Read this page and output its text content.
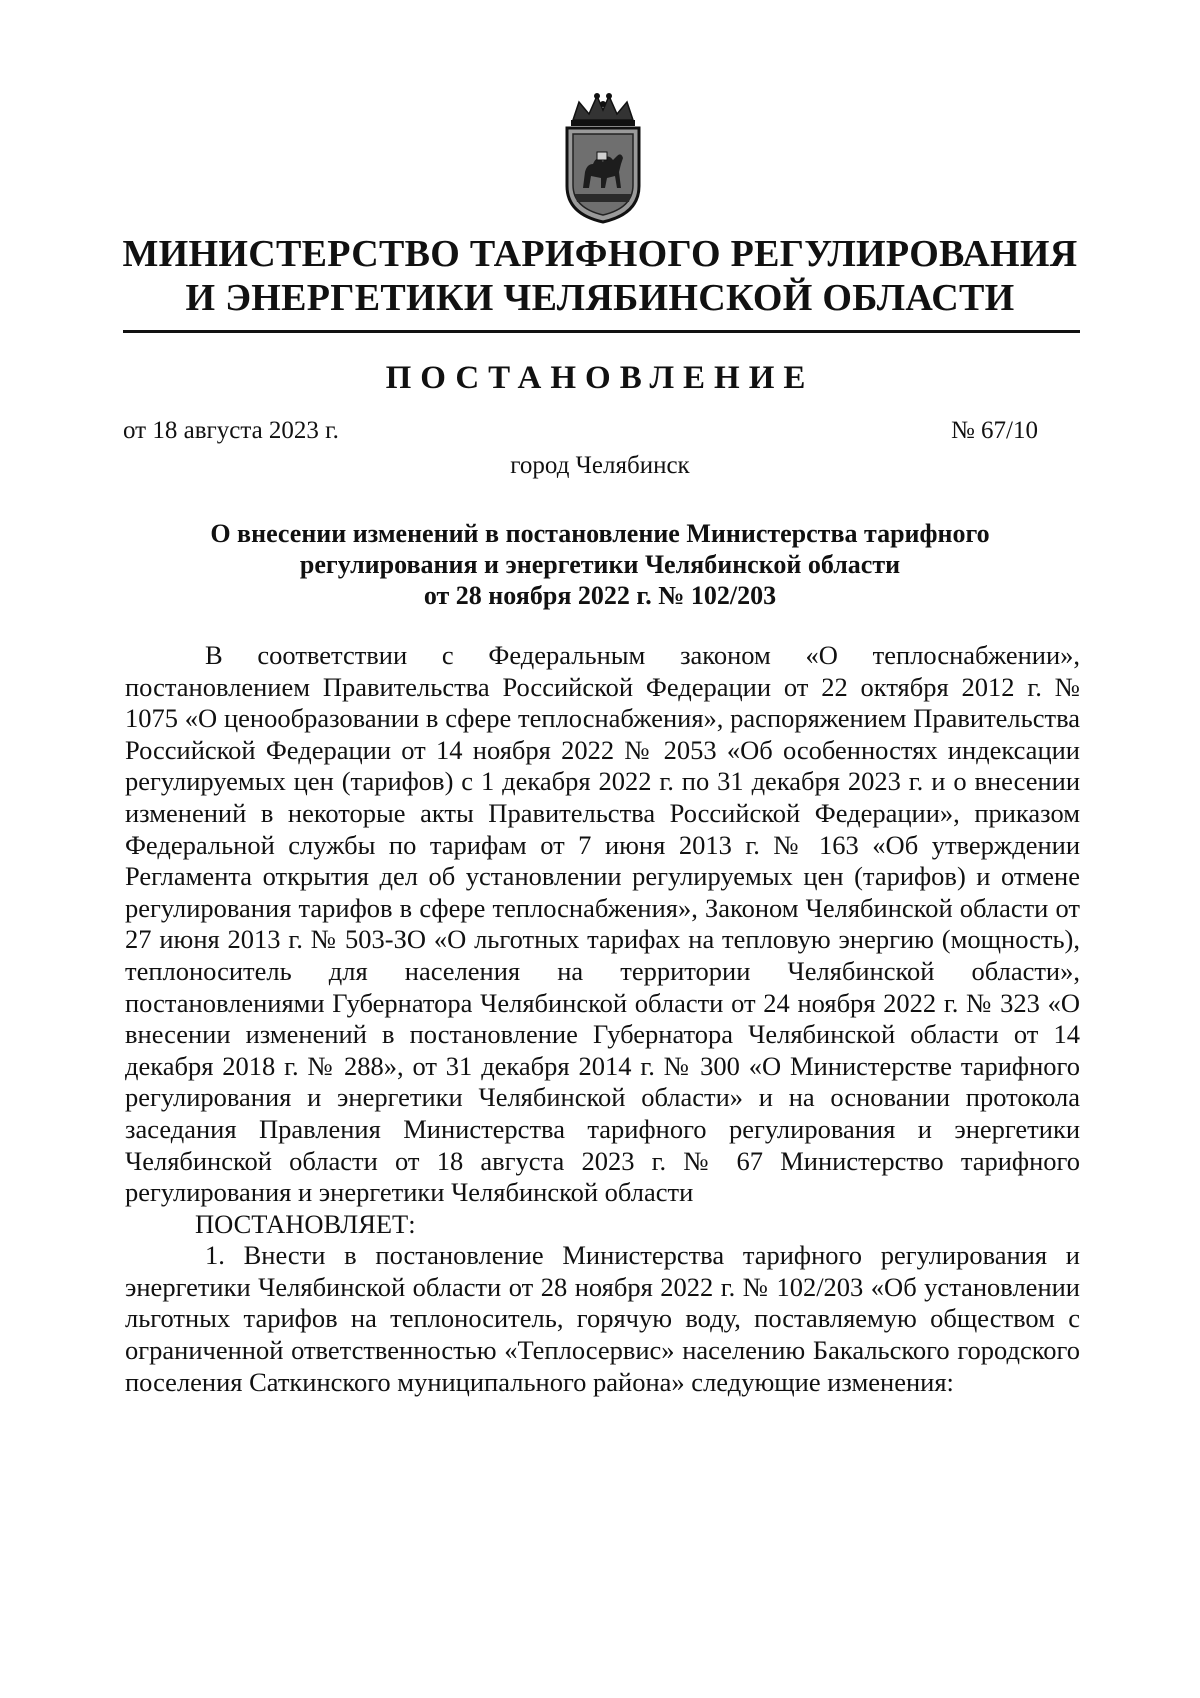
МИНИСТЕРСТВО ТАРИФНОГО РЕГУЛИРОВАНИЯ
И ЭНЕРГЕТИКИ ЧЕЛЯБИНСКОЙ ОБЛАСТИ
ПОСТАНОВЛЕНИЕ
от 18 августа 2023 г.	№ 67/10
город Челябинск
О внесении изменений в постановление Министерства тарифного
регулирования и энергетики Челябинской области
от 28 ноября 2022 г. № 102/203

В соответствии с Федеральным законом «О теплоснабжении», постановлением Правительства Российской Федерации от 22 октября 2012 г. № 1075 «О ценообразовании в сфере теплоснабжения», распоряжением Правительства Российской Федерации от 14 ноября 2022 № 2053 «Об особенностях индексации регулируемых цен (тарифов) с 1 декабря 2022 г. по 31 декабря 2023 г. и о внесении изменений в некоторые акты Правительства Российской Федерации», приказом Федеральной службы по тарифам от 7 июня 2013 г. № 163 «Об утверждении Регламента открытия дел об установлении регулируемых цен (тарифов) и отмене регулирования тарифов в сфере теплоснабжения», Законом Челябинской области от 27 июня 2013 г. № 503-ЗО «О льготных тарифах на тепловую энергию (мощность), теплоноситель для населения на территории Челябинской области», постановлениями Губернатора Челябинской области от 24 ноября 2022 г. № 323 «О внесении изменений в постановление Губернатора Челябинской области от 14 декабря 2018 г. № 288», от 31 декабря 2014 г. № 300 «О Министерстве тарифного регулирования и энергетики Челябинской области» и на основании протокола заседания Правления Министерства тарифного регулирования и энергетики Челябинской области от 18 августа 2023 г. № 67 Министерство тарифного регулирования и энергетики Челябинской области

ПОСТАНОВЛЯЕТ:

1. Внести в постановление Министерства тарифного регулирования и энергетики Челябинской области от 28 ноября 2022 г. № 102/203 «Об установлении льготных тарифов на теплоноситель, горячую воду, поставляемую обществом с ограниченной ответственностью «Теплосервис» населению Бакальского городского поселения Саткинского муниципального района» следующие изменения:
